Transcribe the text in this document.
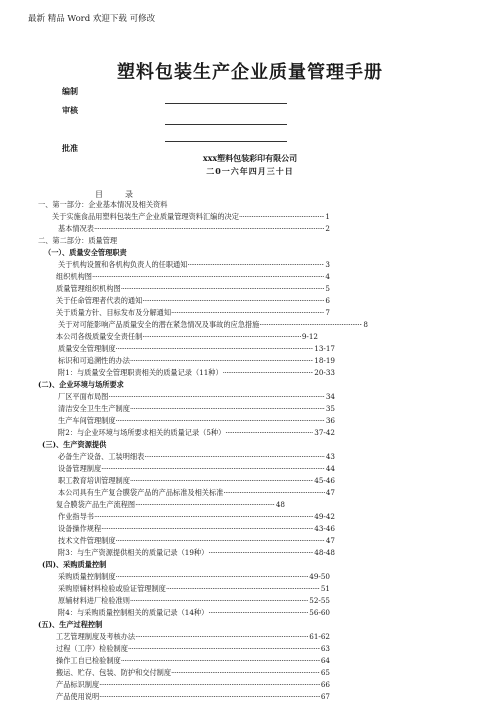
最新 精品 Word 欢迎下载 可修改
塑料包装生产企业质量管理手册
编制
审核
批准
xxx塑料包装彩印有限公司
二0一六年四月三十日
目	录
一、第一部分：企业基本情况及相关资料
关于实施食品用塑料包装生产企业质量管理资料汇编的决定 ·····	1
基本情况表 ·····	2
二、第二部分：质量管理
（一）、质量安全管理职责
关于机构设置和各机构负责人的任职通知 ·····	3
组织机构图 ·····	4
质量管理组织机构图 ·····	5
关于任命管理者代表的通知 ·····	6
关于质量方针、目标发布及分解通知 ·····	7
关于对可能影响产品质量安全的潜在紧急情况及事故的应急措施 ·····	8
本公司各级质量安全责任制 ·····	9-12
质量安全管理制度 ·····	13-17
标识和可追溯性的办法 ·····	18-19
附1：与质量安全管理职责相关的质量记录（11种） ·····	20-33
(二)、企业环境与场所要求
厂区平面布局图 ·····	34
清洁安全卫生生产制度 ·····	35
生产车间管理制度 ·····	36
附2：与企业环境与场所要求相关的质量记录（5种） ·····	37-42
(三)、生产资源提供
必备生产设备、工装明细表 ·····	43
设备管理制度 ·····	44
职工教育培训管理制度 ·····	45-46
本公司具有生产复合膜袋产品的产品标准及相关标准 ·····	47
复合膜袋产品生产流程图 ·····	48
作业指导书 ·····	49-42
设备操作规程 ·····	43-46
技术文件管理制度 ·····	47
附3：与生产资源提供相关的质量记录（19种） ·····	48-48
(四)、采购质量控制
采购质量控制制度 ·····	49-50
采购原辅材料检验或验证管理制度 ·····	51
原辅材料进厂检验准则 ·····	52-55
附4：与采购质量控制相关的质量记录（14种） ·····	56-60
(五)、生产过程控制
工艺管理制度及考核办法 ·····	61-62
过程（工序）检验制度 ·····	63
操作工自已检验制度 ·····	64
搬运、贮存、包装、防护和交付制度 ·····	65
产品标识制度 ·····	66
产品使用说明 ·····	67
